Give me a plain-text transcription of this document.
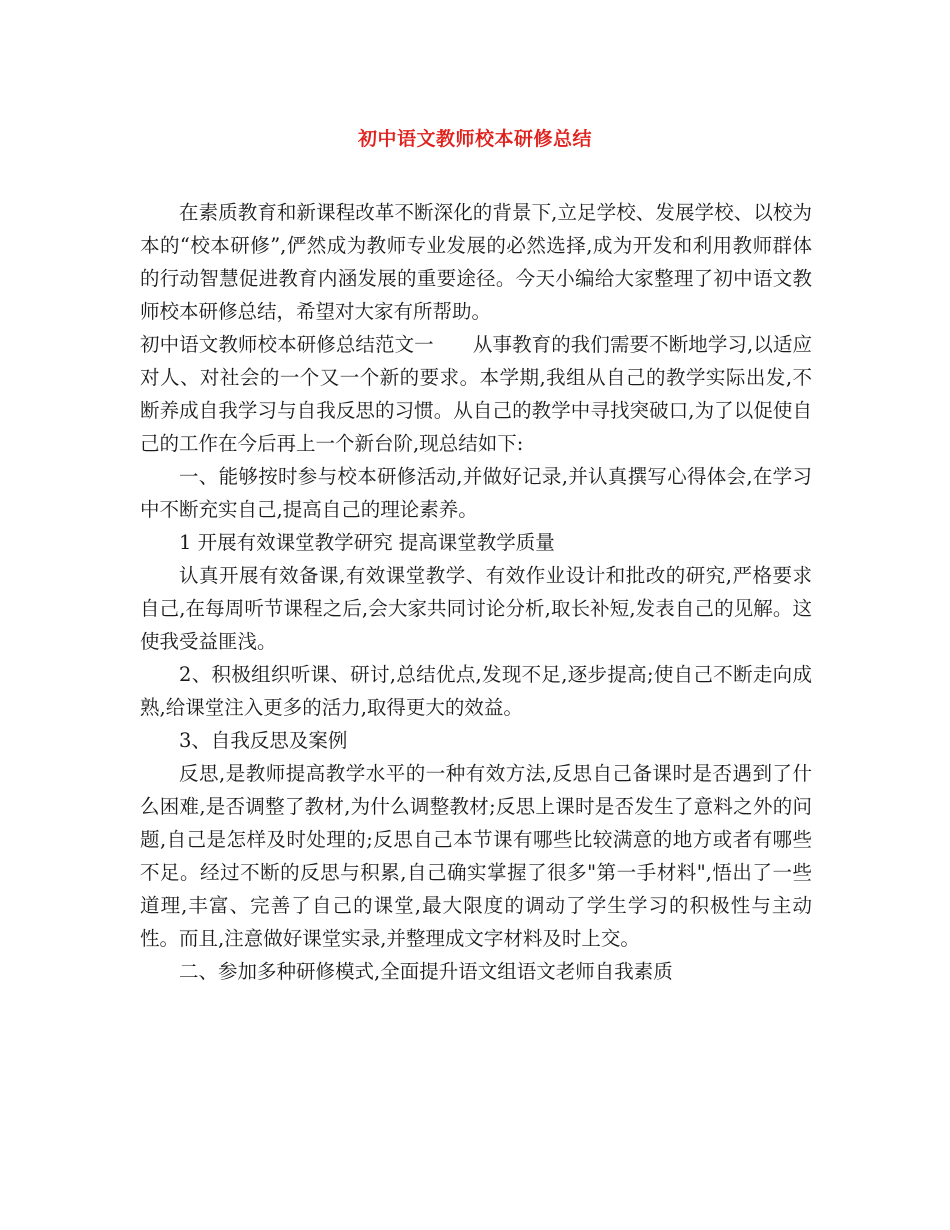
初中语文教师校本研修总结

在素质教育和新课程改革不断深化的背景下,立足学校、发展学校、以校为本的“校本研修”,俨然成为教师专业发展的必然选择,成为开发和利用教师群体的行动智慧促进教育内涵发展的重要途径。今天小编给大家整理了初中语文教师校本研修总结，希望对大家有所帮助。

初中语文教师校本研修总结范文一　　从事教育的我们需要不断地学习,以适应对人、对社会的一个又一个新的要求。本学期,我组从自己的教学实际出发,不断养成自我学习与自我反思的习惯。从自己的教学中寻找突破口,为了以促使自己的工作在今后再上一个新台阶,现总结如下:

一、能够按时参与校本研修活动,并做好记录,并认真撰写心得体会,在学习中不断充实自己,提高自己的理论素养。

1 开展有效课堂教学研究 提高课堂教学质量

认真开展有效备课,有效课堂教学、有效作业设计和批改的研究,严格要求自己,在每周听节课程之后,会大家共同讨论分析,取长补短,发表自己的见解。这使我受益匪浅。

2、积极组织听课、研讨,总结优点,发现不足,逐步提高;使自己不断走向成熟,给课堂注入更多的活力,取得更大的效益。

3、自我反思及案例

反思,是教师提高教学水平的一种有效方法,反思自己备课时是否遇到了什么困难,是否调整了教材,为什么调整教材;反思上课时是否发生了意料之外的问题,自己是怎样及时处理的;反思自己本节课有哪些比较满意的地方或者有哪些不足。经过不断的反思与积累,自己确实掌握了很多"第一手材料",悟出了一些道理,丰富、完善了自己的课堂,最大限度的调动了学生学习的积极性与主动性。而且,注意做好课堂实录,并整理成文字材料及时上交。

二、参加多种研修模式,全面提升语文组语文老师自我素质
